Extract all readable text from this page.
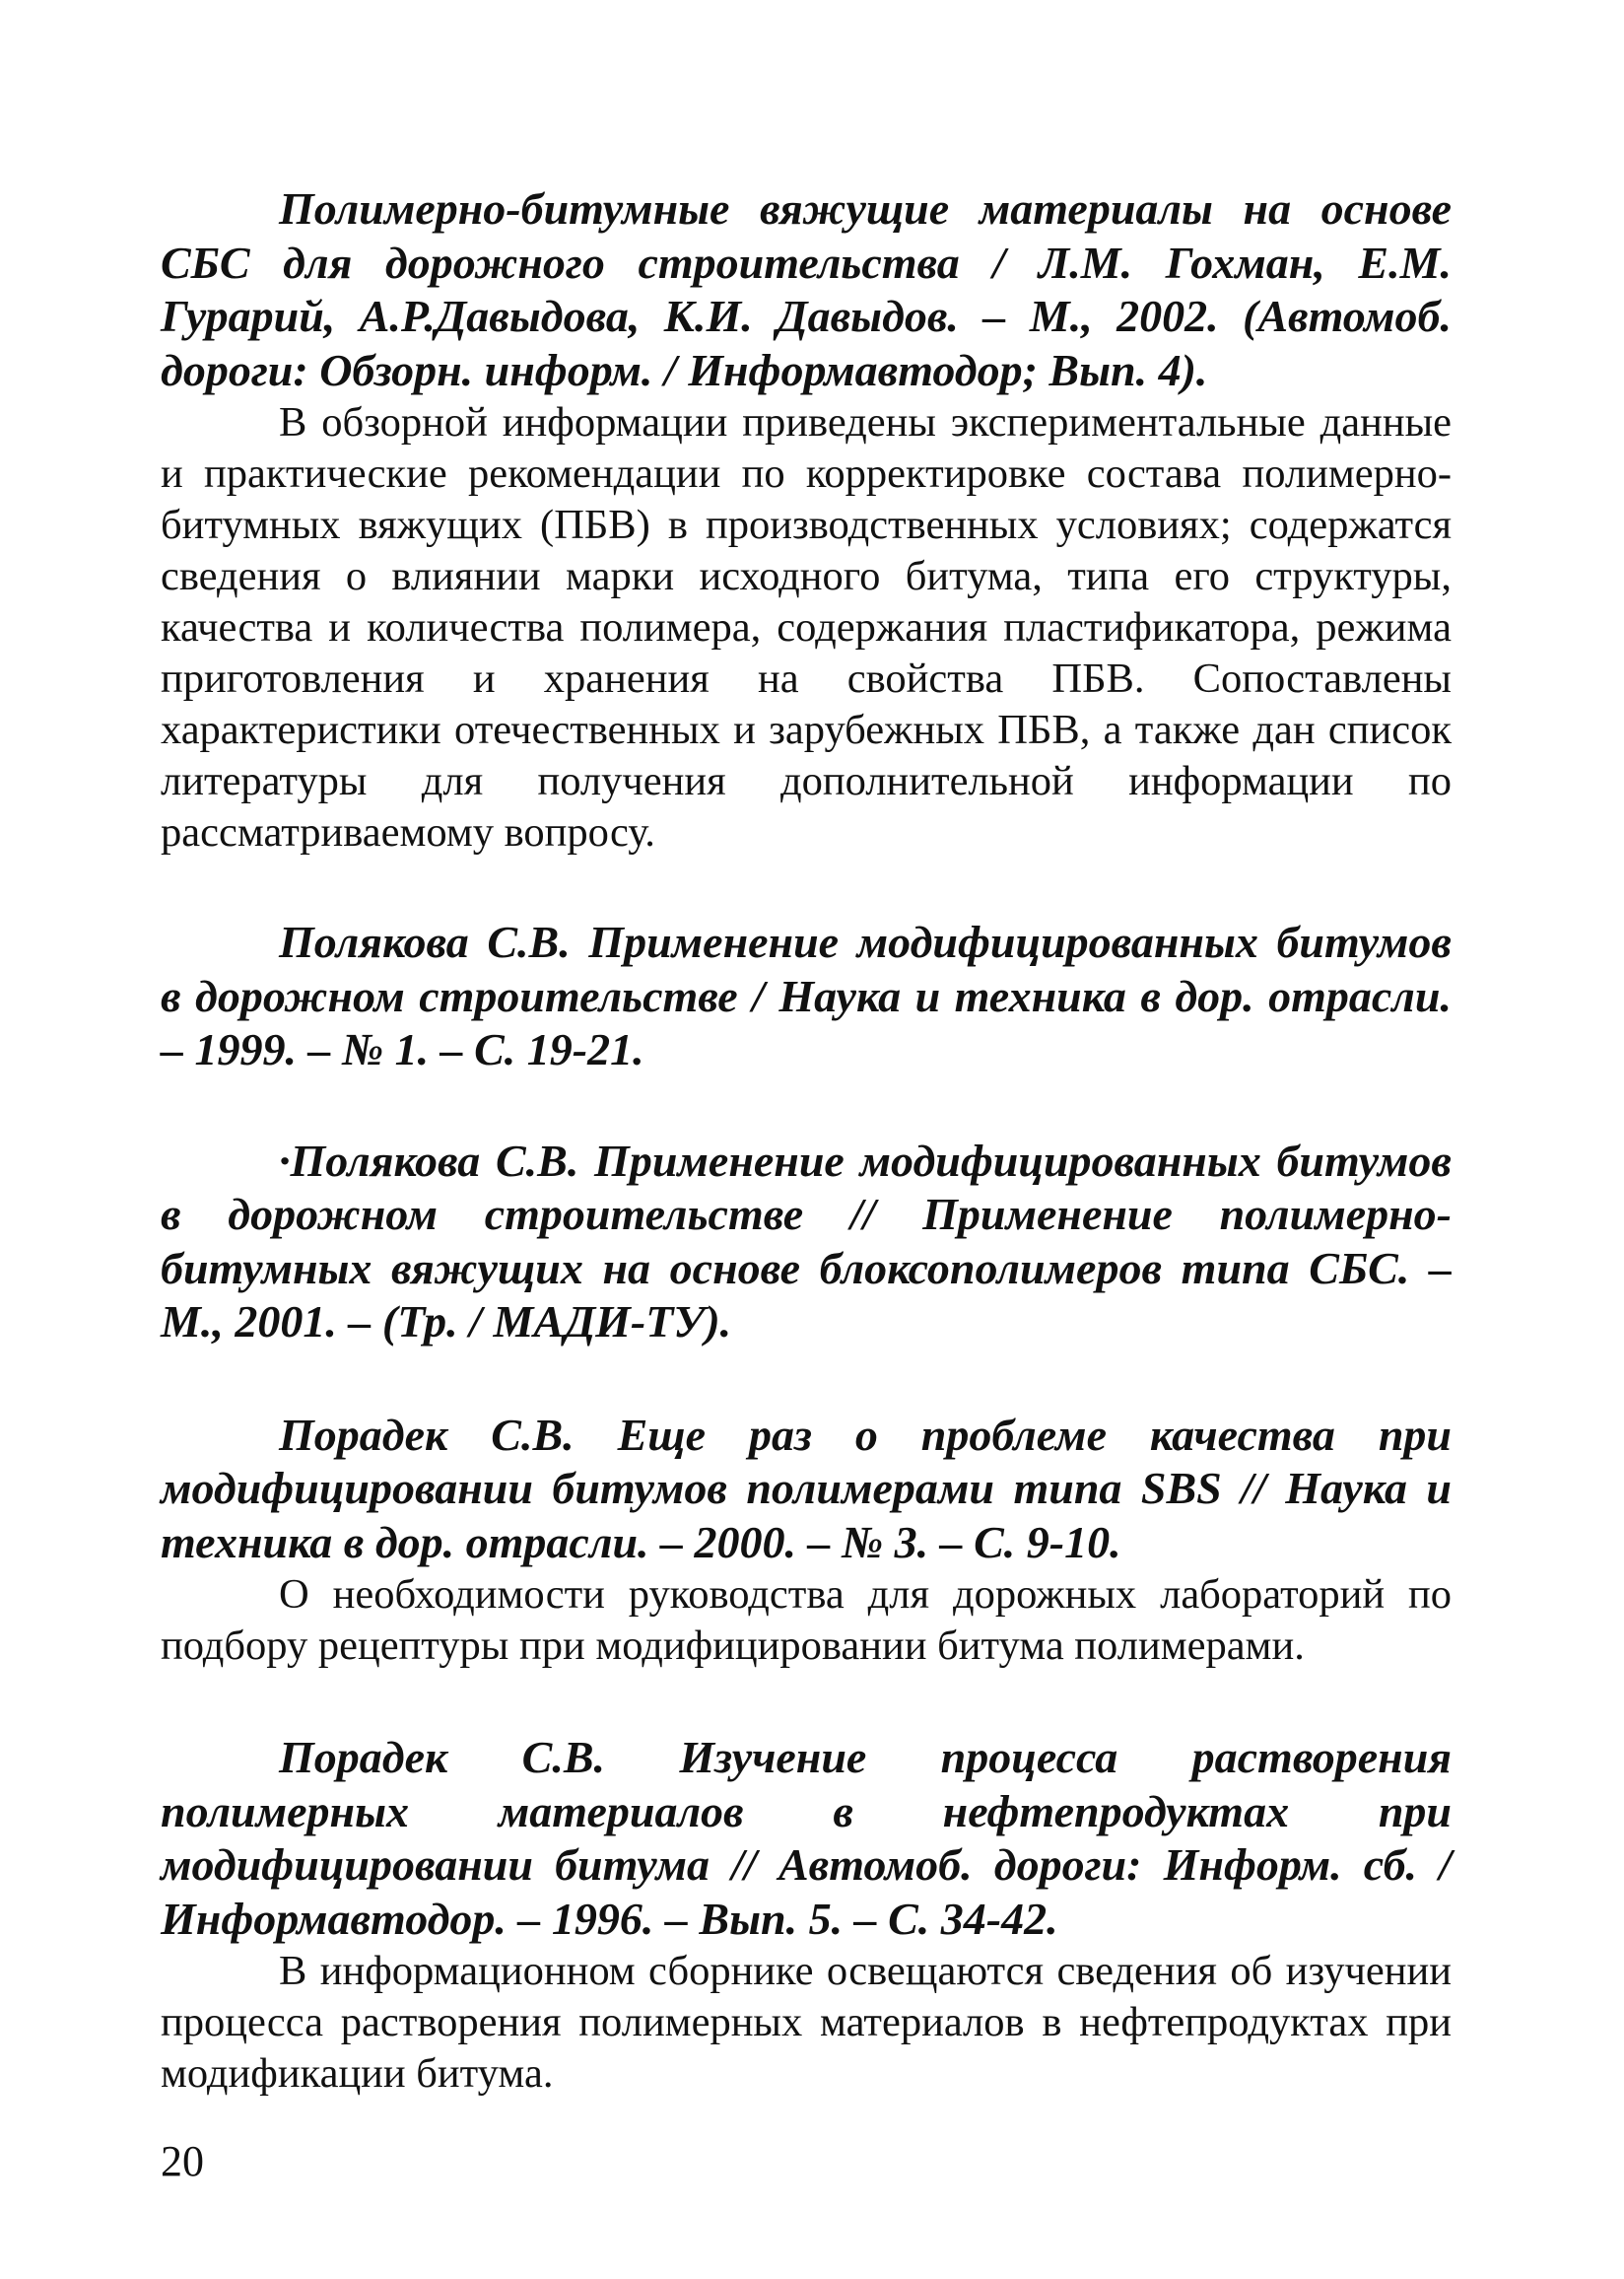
Полимерно-битумные вяжущие материалы на основе СБС для дорожного строительства / Л.М. Гохман, Е.М. Гурарий, А.Р.Давыдова, К.И. Давыдов. – М., 2002. (Автомоб. дороги: Обзорн. информ. / Информавтодор; Вып. 4).

В обзорной информации приведены экспериментальные данные и практические рекомендации по корректировке состава полимерно-битумных вяжущих (ПБВ) в производственных условиях; содержатся сведения о влиянии марки исходного битума, типа его структуры, качества и количества полимера, содержания пластификатора, режима приготовления и хранения на свойства ПБВ. Сопоставлены характеристики отечественных и зарубежных ПБВ, а также дан список литературы для получения дополнительной информации по рассматриваемому вопросу.

Полякова С.В. Применение модифицированных битумов в дорожном строительстве / Наука и техника в дор. отрасли. – 1999. – № 1. – С. 19-21.

·Полякова С.В. Применение модифицированных битумов в дорожном строительстве // Применение полимерно-битумных вяжущих на основе блоксополимеров типа СБС. – М., 2001. – (Тр. / МАДИ-ТУ).

Порадек С.В. Еще раз о проблеме качества при модифицировании битумов полимерами типа SBS // Наука и техника в дор. отрасли. – 2000. – № 3. – С. 9-10.

О необходимости руководства для дорожных лабораторий по подбору рецептуры при модифицировании битума полимерами.

Порадек С.В. Изучение процесса растворения полимерных материалов в нефтепродуктах при модифицировании битума // Автомоб. дороги: Информ. сб. / Информавтодор. – 1996. – Вып. 5. – С. 34-42.

В информационном сборнике освещаются сведения об изучении процесса растворения полимерных материалов в нефтепродуктах при модификации битума.

20
